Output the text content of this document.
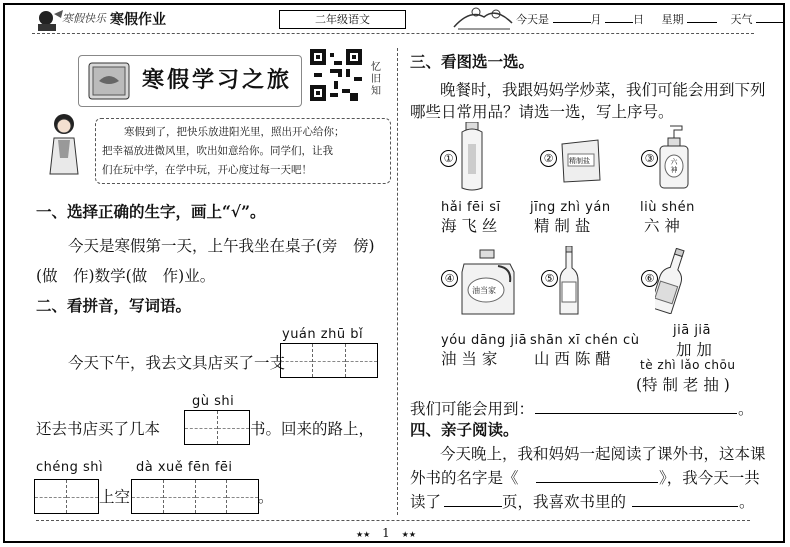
寒假快乐 寒假作业	二年级语文	今天是	月	日 星期	天气
寒假学习之旅	忆旧知
寒假到了，把快乐放进阳光里，照出开心给你；
把幸福放进微风里，吹出如意给你。同学们，让我
们在玩中学，在学中玩，开心度过每一天吧！
一、选择正确的生字，画上“√”。
今天是寒假第一天，上午我坐在桌子(旁　傍)
(做　作)数学(做　作)业。
二、看拼音，写词语。
yuán zhū bǐ
今天下午，我去文具店买了一支
gù shi
还去书店买了几本	书。回来的路上，
chéng shì	dà xuě fēn fēi
上空	。
三、看图选一选。
晚餐时，我跟妈妈学炒菜，我们可能会用到下列
哪些日常用品？请选一选，写上序号。
①
hǎi fēi sī
海 飞 丝
②	精制盐
jīng zhì yán
精 制 盐
③	六神
liù shén
六 神
④
油当家
yóu dāng jiā
油 当 家
⑤
shān xī chén cù
山 西 陈 醋
⑥
jiā jiā
加 加
tè zhì lǎo chōu
(特 制 老 抽 )
我们可能会用到：	。
四、亲子阅读。
今天晚上，我和妈妈一起阅读了课外书，这本课
外书的名字是《	》，我今天一共
读了	页，我喜欢书里的	。
★★ 1 ★★
